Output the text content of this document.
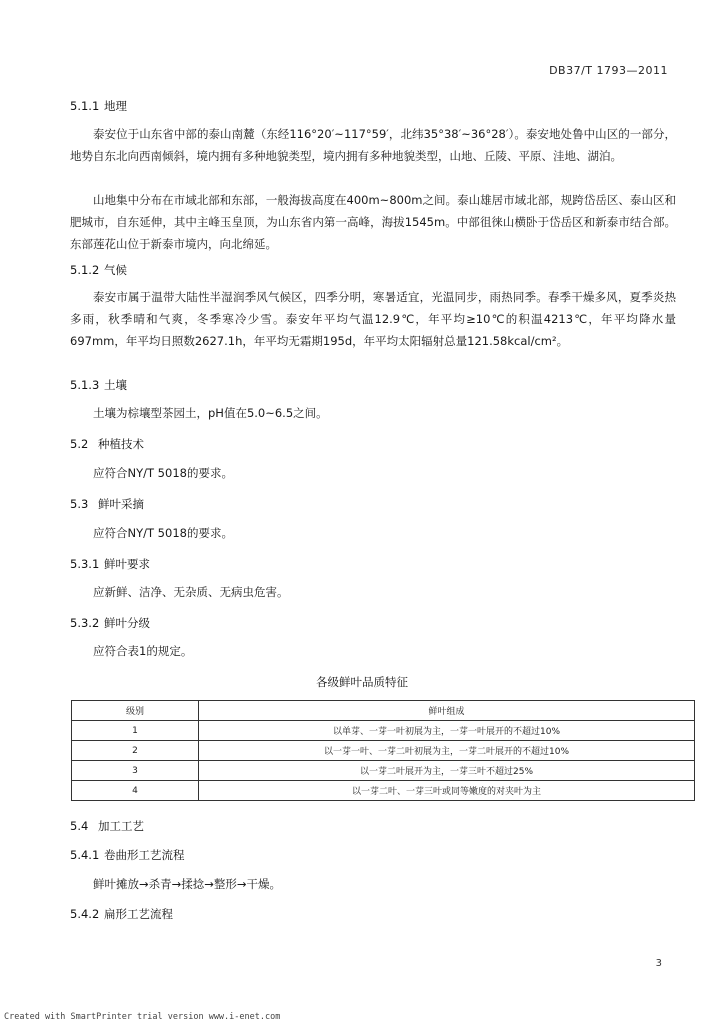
DB37/T 1793—2011
5.1.1 地理
泰安位于山东省中部的泰山南麓（东经116°20′~117°59′，北纬35°38′~36°28′）。泰安地处鲁中山区的一部分，地势自东北向西南倾斜，境内拥有多种地貌类型，境内拥有多种地貌类型，山地、丘陵、平原、洼地、湖泊。
山地集中分布在市域北部和东部，一般海拔高度在400m~800m之间。泰山雄居市域北部，规跨岱岳区、泰山区和肥城市，自东延伸，其中主峰玉皇顶，为山东省内第一高峰，海拔1545m。中部徂徕山横卧于岱岳区和新泰市结合部。东部莲花山位于新泰市境内，向北绵延。
5.1.2 气候
泰安市属于温带大陆性半湿润季风气候区，四季分明，寒暑适宜，光温同步，雨热同季。春季干燥多风，夏季炎热多雨，秋季晴和气爽，冬季寒冷少雪。泰安年平均气温12.9℃，年平均≥10℃的积温4213℃，年平均降水量697mm，年平均日照数2627.1h，年平均无霜期195d，年平均太阳辐射总量121.58kcal/cm²。
5.1.3 土壤
土壤为棕壤型茶园土，pH值在5.0~6.5之间。
5.2 种植技术
应符合NY/T 5018的要求。
5.3 鲜叶采摘
应符合NY/T 5018的要求。
5.3.1 鲜叶要求
应新鲜、洁净、无杂质、无病虫危害。
5.3.2 鲜叶分级
应符合表1的规定。
各级鲜叶品质特征
级别	鲜叶组成
1	以单芽、一芽一叶初展为主，一芽一叶展开的不超过10%
2	以一芽一叶、一芽二叶初展为主，一芽二叶展开的不超过10%
3	以一芽二叶展开为主，一芽三叶不超过25%
4	以一芽二叶、一芽三叶或同等嫩度的对夹叶为主
5.4 加工工艺
5.4.1 卷曲形工艺流程
鲜叶摊放→杀青→揉捻→整形→干燥。
5.4.2 扁形工艺流程
3
Created with SmartPrinter trial version www.i-enet.com
